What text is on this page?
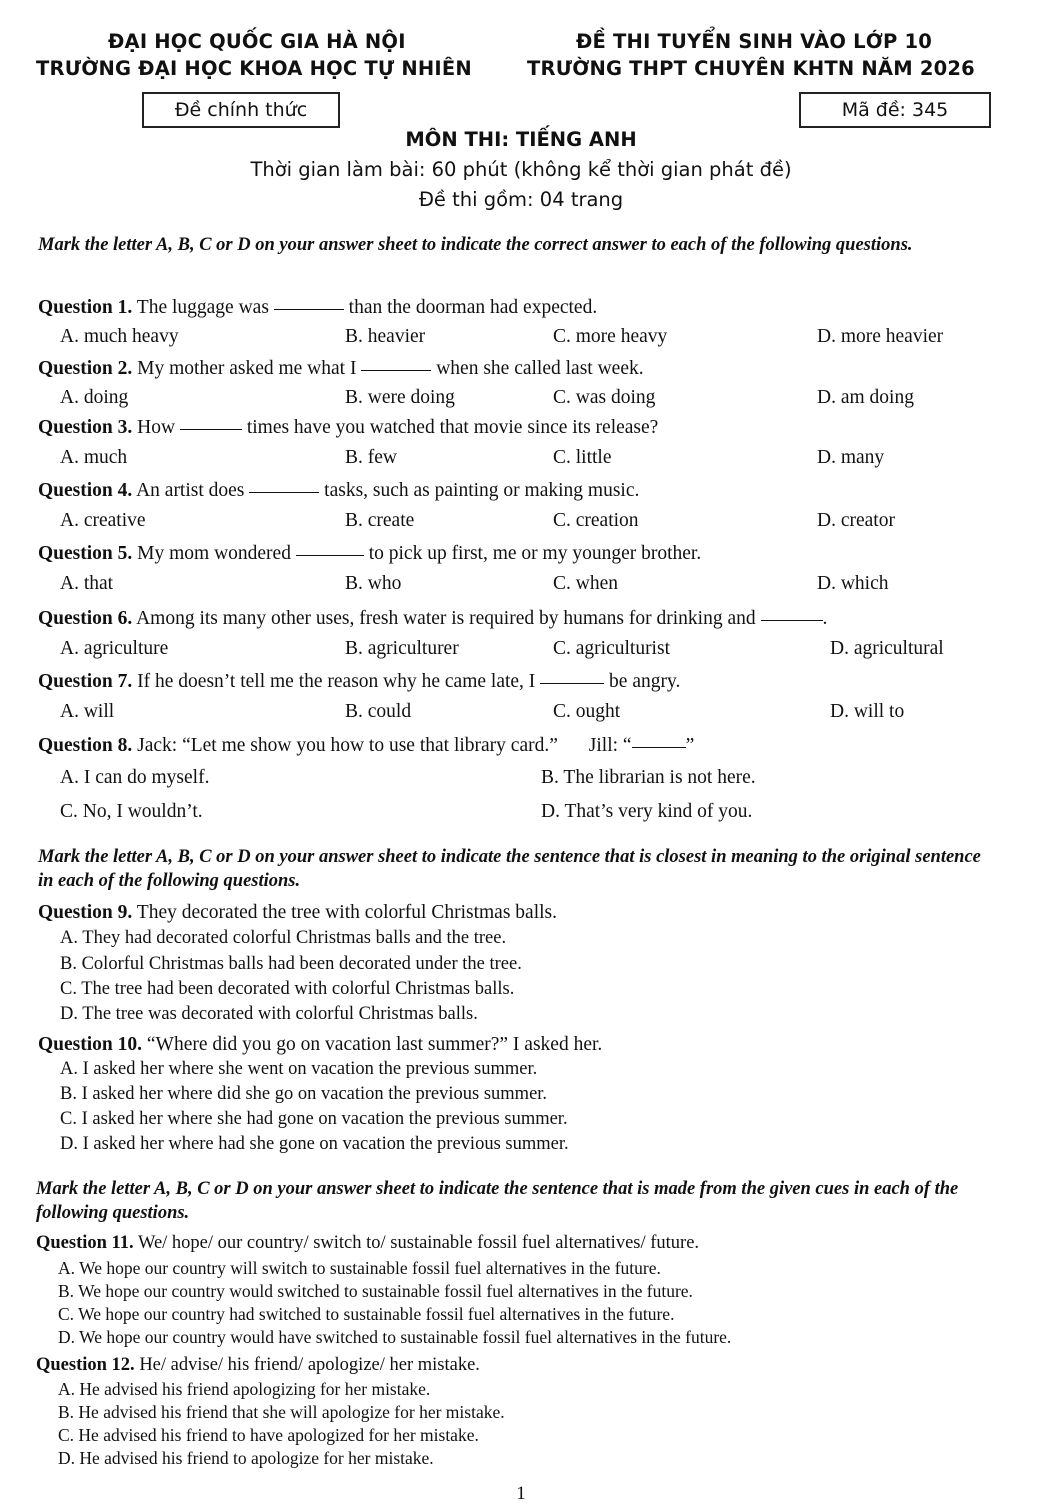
ĐẠI HỌC QUỐC GIA HÀ NỘI
TRƯỜNG ĐẠI HỌC KHOA HỌC TỰ NHIÊN
ĐỀ THI TUYỂN SINH VÀO LỚP 10
TRƯỜNG THPT CHUYÊN KHTN NĂM 2026
Đề chính thức	Mã đề: 345
MÔN THI: TIẾNG ANH
Thời gian làm bài: 60 phút (không kể thời gian phát đề)
Đề thi gồm: 04 trang
Mark the letter A, B, C or D on your answer sheet to indicate the correct answer to each of the following questions.
Question 1. The luggage was	than the doorman had expected.
A. much heavy	B. heavier	C. more heavy	D. more heavier
Question 2. My mother asked me what I	when she called last week.
A. doing	B. were doing	C. was doing	D. am doing
Question 3. How	times have you watched that movie since its release?
A. much	B. few	C. little	D. many
Question 4. An artist does	tasks, such as painting or making music.
A. creative	B. create	C. creation	D. creator
Question 5. My mom wondered	to pick up first, me or my younger brother.
A. that	B. who	C. when	D. which
Question 6. Among its many other uses, fresh water is required by humans for drinking and	.
A. agriculture	B. agriculturer	C. agriculturist	D. agricultural
Question 7. If he doesn’t tell me the reason why he came late, I	be angry.
A. will	B. could	C. ought	D. will to
Question 8. Jack: “Let me show you how to use that library card.” Jill: “	”
A. I can do myself.	B. The librarian is not here.
C. No, I wouldn’t.	D. That’s very kind of you.
Mark the letter A, B, C or D on your answer sheet to indicate the sentence that is closest in meaning to the original sentence in each of the following questions.
Question 9. They decorated the tree with colorful Christmas balls.
A. They had decorated colorful Christmas balls and the tree.
B. Colorful Christmas balls had been decorated under the tree.
C. The tree had been decorated with colorful Christmas balls.
D. The tree was decorated with colorful Christmas balls.
Question 10. “Where did you go on vacation last summer?” I asked her.
A. I asked her where she went on vacation the previous summer.
B. I asked her where did she go on vacation the previous summer.
C. I asked her where she had gone on vacation the previous summer.
D. I asked her where had she gone on vacation the previous summer.
Mark the letter A, B, C or D on your answer sheet to indicate the sentence that is made from the given cues in each of the following questions.
Question 11. We/ hope/ our country/ switch to/ sustainable fossil fuel alternatives/ future.
A. We hope our country will switch to sustainable fossil fuel alternatives in the future.
B. We hope our country would switched to sustainable fossil fuel alternatives in the future.
C. We hope our country had switched to sustainable fossil fuel alternatives in the future.
D. We hope our country would have switched to sustainable fossil fuel alternatives in the future.
Question 12. He/ advise/ his friend/ apologize/ her mistake.
A. He advised his friend apologizing for her mistake.
B. He advised his friend that she will apologize for her mistake.
C. He advised his friend to have apologized for her mistake.
D. He advised his friend to apologize for her mistake.
1
